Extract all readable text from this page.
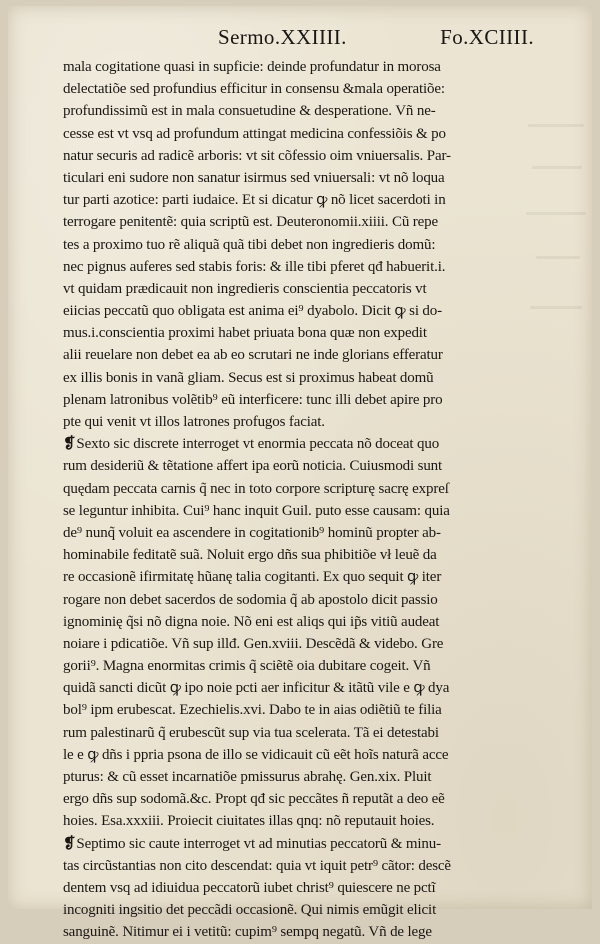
Sermo.XXIIII.	Fo.XCIIII.
mala cogitatione quasi in supficie: deinde profundatur in morosa
delectatiõe sed profundius efficitur in consensu &mala operatiõe:
profundissimũ est in mala consuetudine & desperatione. Vñ ne-
cesse est vt vsq ad profundum attingat medicina confessiõis & po
natur securis ad radicẽ arboris: vt sit cõfessio oim vniuersalis. Par-
ticulari eni sudore non sanatur isirmus sed vniuersali: vt nõ loqua
tur parti azotice: parti iudaice. Et si dicatur ꝙ nõ licet sacerdoti in
terrogare penitentẽ: quia scriptũ est. Deuteronomii.xiiii. Cũ repe
tes a proximo tuo rẽ aliquã quã tibi debet non ingredieris domũ:
nec pignus auferes sed stabis foris: & ille tibi pferet qđ habuerit.i.
vt quidam prædicauit non ingredieris conscientia peccatoris vt
eiicias peccatũ quo obligata est anima ei⁹ dyabolo. Dicit ꝙ si do-
mus.i.conscientia proximi habet priuata bona quæ non expedit
alii reuelare non debet ea ab eo scrutari ne inde glorians efferatur
ex illis bonis in vanã gliam. Secus est si proximus habeat domũ
plenam latronibus volẽtib⁹ eũ interficere: tunc illi debet apire pro
pte qui venit vt illos latrones profugos faciat.
❡Sexto sic discrete interroget vt enormia peccata nõ doceat quo
rum desideriũ & tẽtatione affert ipa eorũ noticia. Cuiusmodi sunt
quędam peccata carnis q̃ nec in toto corpore scripturę sacrę expreſ
se leguntur inhibita. Cui⁹ hanc inquit Guil. puto esse causam: quia
de⁹ nunq̃ voluit ea ascendere in cogitationib⁹ hominũ propter ab-
hominabile feditatẽ suã. Noluit ergo dñs sua phibitiõe vł leuẽ da
re occasionẽ ifirmitatę hũanę talia cogitanti. Ex quo sequit ꝙ iter
rogare non debet sacerdos de sodomia q̃ ab apostolo dicit passio
ignominię q̃si nõ digna noie. Nõ eni est aliqs qui ip̃s vitiũ audeat
noiare i pdicatiõe. Vñ sup illđ. Gen.xviii. Descẽdã & videbo. Gre
gorii⁹. Magna enormitas crimis q̃ sciẽtẽ oia dubitare cogeit. Vñ
quidã sancti dicũt ꝙ ipo noie pcti aer inficitur & itãtũ vile e ꝙ dya
bol⁹ ipm erubescat. Ezechielis.xvi. Dabo te in aias odiẽtiũ te filia
rum palestinarũ q̃ erubescũt sup via tua scelerata. Tã ei detestabi
le e ꝙ dñs i ppria psona de illo se vidicauit cũ eẽt hoĩs naturã acce
pturus: & cũ esset incarnatiõe pmissurus abrahę. Gen.xix. Pluit
ergo dñs sup sodomã.&c. Propt qđ sic peccãtes ñ reputãt a deo eẽ
hoies. Esa.xxxiii. Proiecit ciuitates illas qnq: nõ reputauit hoies.
❡Septimo sic caute interroget vt ad minutias peccatorũ & minu-
tas circũstantias non cito descendat: quia vt iquit petr⁹ cãtor: descẽ
dentem vsq ad idiuidua peccatorũ iubet christ⁹ quiescere ne pctĩ
incogniti ingsitio det peccãdi occasionẽ. Qui nimis emũgit elicit
sanguinẽ. Nitimur ei i vetitũ: cupim⁹ sempq negatũ. Vñ de lege
